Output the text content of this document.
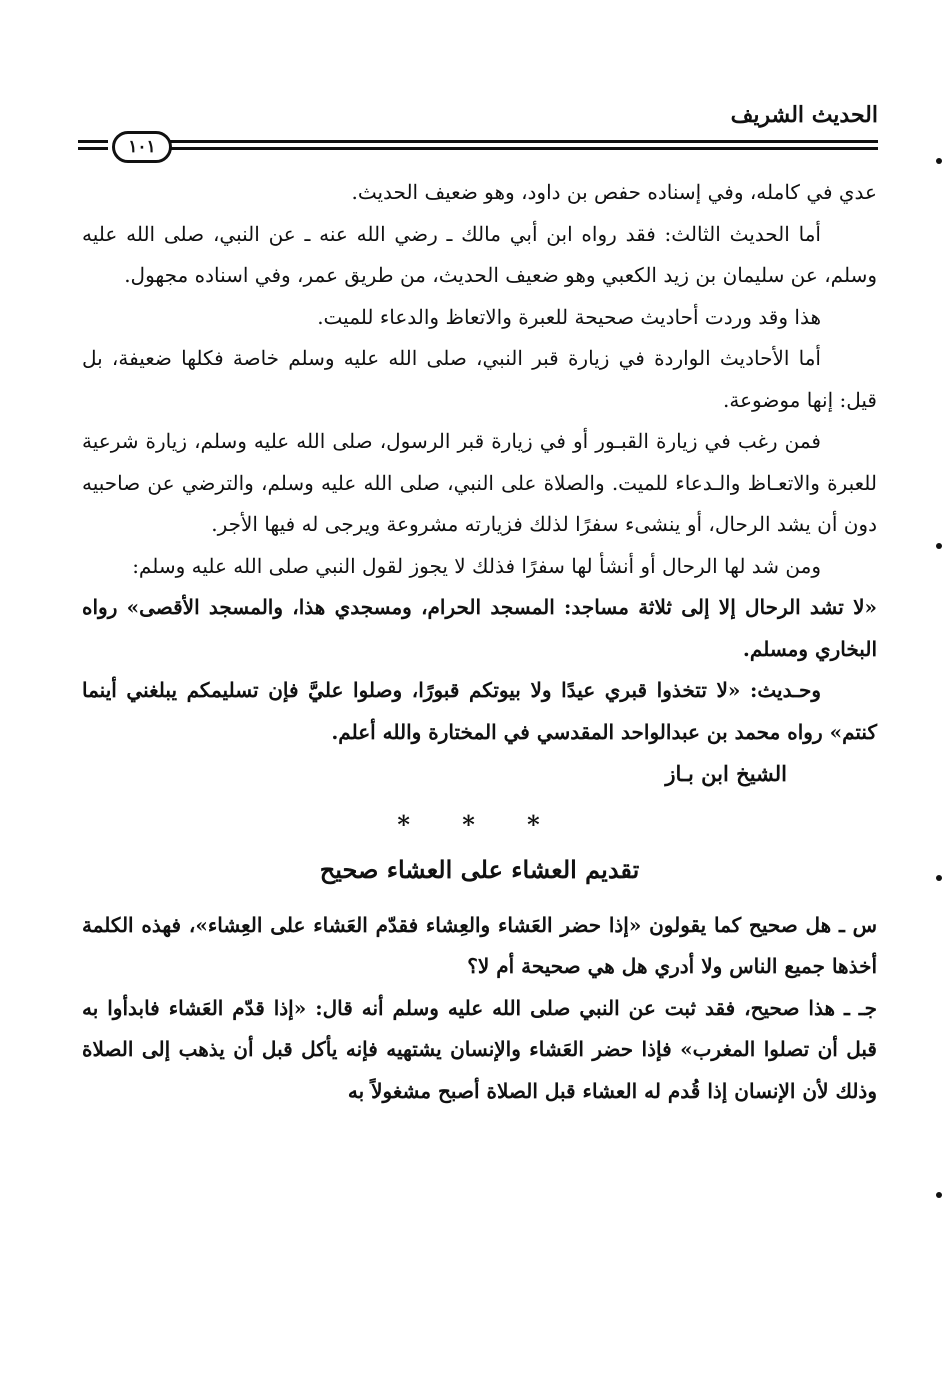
الحديث الشريف
١٠١

عدي في كامله، وفي إسناده حفص بن داود، وهو ضعيف الحديث.

أما الحديث الثالث: فقد رواه ابن أبي مالك ـ رضي الله عنه ـ عن النبي، صلى الله عليه وسلم، عن سليمان بن زيد الكعبي وهو ضعيف الحديث، من طريق عمر، وفي اسناده مجهول.

هذا وقد وردت أحاديث صحيحة للعبرة والاتعاظ والدعاء للميت.

أما الأحاديث الواردة في زيارة قبر النبي، صلى الله عليه وسلم خاصة فكلها ضعيفة، بل قيل: إنها موضوعة.

فمن رغب في زيارة القبـور أو في زيارة قبر الرسول، صلى الله عليه وسلم، زيارة شرعية للعبرة والاتعـاظ والـدعاء للميت. والصلاة على النبي، صلى الله عليه وسلم، والترضي عن صاحبيه دون أن يشد الرحال، أو ينشىء سفرًا لذلك فزيارته مشروعة ويرجى له فيها الأجر.

ومن شد لها الرحال أو أنشأ لها سفرًا فذلك لا يجوز لقول النبي صلى الله عليه وسلم:

«لا تشد الرحال إلا إلى ثلاثة مساجد: المسجد الحرام، ومسجدي هذا، والمسجد الأقصى» رواه البخاري ومسلم.

وحـديث: «لا تتخذوا قبري عيدًا ولا بيوتكم قبورًا، وصلوا عليَّ فإن تسليمكم يبلغني أينما كنتم» رواه محمد بن عبدالواحد المقدسي في المختارة والله أعلم.

الشيخ ابن بـاز

* * *
تقديم العشاء على العشاء صحيح

س ـ هل صحيح كما يقولون «إذا حضر العَشاء والعِشاء فقدّم العَشاء على العِشاء»، فهذه الكلمة أخذها جميع الناس ولا أدري هل هي صحيحة أم لا؟

جـ ـ هذا صحيح، فقد ثبت عن النبي صلى الله عليه وسلم أنه قال: «إذا قدّم العَشاء فابدأوا به قبل أن تصلوا المغرب» فإذا حضر العَشاء والإنسان يشتهيه فإنه يأكل قبل أن يذهب إلى الصلاة وذلك لأن الإنسان إذا قُدم له العشاء قبل الصلاة أصبح مشغولاً به
